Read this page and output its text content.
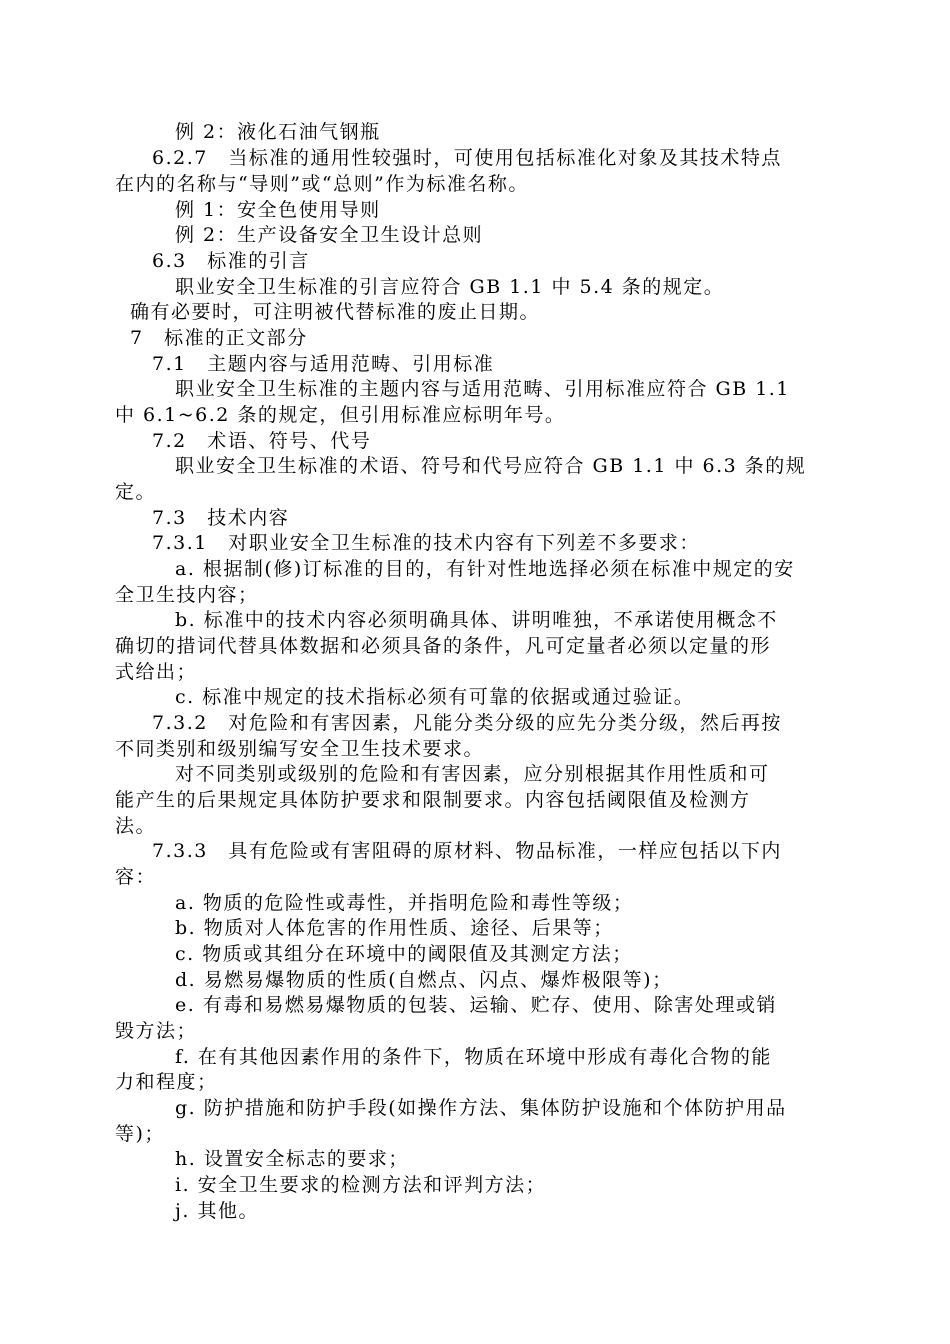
例 2：液化石油气钢瓶
6.2.7　当标准的通用性较强时，可使用包括标准化对象及其技术特点
在内的名称与“导则”或“总则”作为标准名称。
例 1：安全色使用导则
例 2：生产设备安全卫生设计总则
6.3　标准的引言
职业安全卫生标准的引言应符合 GB 1.1 中 5.4 条的规定。
确有必要时，可注明被代替标准的废止日期。
7　标准的正文部分
7.1　主题内容与适用范畴、引用标准
职业安全卫生标准的主题内容与适用范畴、引用标准应符合 GB 1.1
中 6.1~6.2 条的规定，但引用标准应标明年号。
7.2　术语、符号、代号
职业安全卫生标准的术语、符号和代号应符合 GB 1.1 中 6.3 条的规
定。
7.3　技术内容
7.3.1　对职业安全卫生标准的技术内容有下列差不多要求：
a. 根据制(修)订标准的目的，有针对性地选择必须在标准中规定的安
全卫生技内容；
b. 标准中的技术内容必须明确具体、讲明唯独，不承诺使用概念不
确切的措词代替具体数据和必须具备的条件，凡可定量者必须以定量的形
式给出；
c. 标准中规定的技术指标必须有可靠的依据或通过验证。
7.3.2　对危险和有害因素，凡能分类分级的应先分类分级，然后再按
不同类别和级别编写安全卫生技术要求。
对不同类别或级别的危险和有害因素，应分别根据其作用性质和可
能产生的后果规定具体防护要求和限制要求。内容包括阈限值及检测方
法。
7.3.3　具有危险或有害阻碍的原材料、物品标准，一样应包括以下内
容：
a. 物质的危险性或毒性，并指明危险和毒性等级；
b. 物质对人体危害的作用性质、途径、后果等；
c. 物质或其组分在环境中的阈限值及其测定方法；
d. 易燃易爆物质的性质(自燃点、闪点、爆炸极限等)；
e. 有毒和易燃易爆物质的包装、运输、贮存、使用、除害处理或销
毁方法；
f. 在有其他因素作用的条件下，物质在环境中形成有毒化合物的能
力和程度；
g. 防护措施和防护手段(如操作方法、集体防护设施和个体防护用品
等)；
h. 设置安全标志的要求；
i. 安全卫生要求的检测方法和评判方法；
j. 其他。
